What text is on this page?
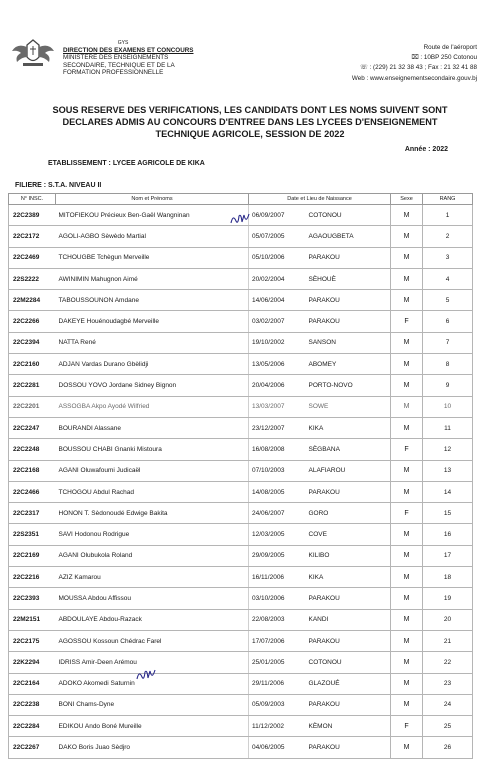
GYS
DIRECTION DES EXAMENS ET CONCOURS
MINISTERE DES ENSEIGNEMENTS
SECONDAIRE, TECHNIQUE ET DE LA
FORMATION PROFESSIONNELLE
Route de l'aéroport
⌧ : 10BP 250 Cotonou
☏ : (229) 21 32 38 43 ; Fax : 21 32 41 88
Web : www.enseignementsecondaire.gouv.bj
SOUS RESERVE DES VERIFICATIONS, LES CANDIDATS DONT LES NOMS SUIVENT SONT
DECLARES ADMIS AU CONCOURS D'ENTREE DANS LES LYCEES D'ENSEIGNEMENT
TECHNIQUE AGRICOLE, SESSION DE 2022
Année : 2022
ETABLISSEMENT : LYCEE AGRICOLE DE KIKA
FILIERE : S.T.A. NIVEAU II
N° INSC.	Nom et Prénoms	Date et Lieu de Naissance		Sexe	RANG
22C2389	MITOFIEKOU Précieux Ben-Gaël Wangninan	06/09/2007	COTONOU	M	1
22C2172	AGOLI-AGBO Sèwèdo Martial	05/07/2005	AGAOUGBETA	M	2
22C2469	TCHOUGBE Tchègun Merveille	05/10/2006	PARAKOU	M	3
22S2222	AWINIMIN Mahugnon Aimé	20/02/2004	SÈHOUÈ	M	4
22M2284	TABOUSSOUNON Amdane	14/06/2004	PARAKOU	M	5
22C2266	DAKEYE Houénoudagbé Merveille	03/02/2007	PARAKOU	F	6
22C2394	NATTA René	19/10/2002	SANSON	M	7
22C2160	ADJAN Vardas Durano Gbèlidji	13/05/2006	ABOMEY	M	8
22C2281	DOSSOU YOVO Jordane Sidney Bignon	20/04/2006	PORTO-NOVO	M	9
22C2201	ASSOGBA Akpo Ayodé Wilfried	13/03/2007	SOWE	M	10
22C2247	BOURANDI Alassane	23/12/2007	KIKA	M	11
22C2248	BOUSSOU CHABI Gnanki Mistoura	16/08/2008	SÈGBANA	F	12
22C2168	AGANI Oluwafoumi Judicaël	07/10/2003	ALAFIAROU	M	13
22C2466	TCHOGOU Abdul Rachad	14/08/2005	PARAKOU	M	14
22C2317	HONON T. Sèdonoudé Edwige Bakita	24/06/2007	GORO	F	15
22S2351	SAVI Hodonou Rodrigue	12/03/2005	COVE	M	16
22C2169	AGANI Olubukola Roland	29/09/2005	KILIBO	M	17
22C2216	AZIZ Kamarou	16/11/2006	KIKA	M	18
22C2393	MOUSSA Abdou Affissou	03/10/2006	PARAKOU	M	19
22M2151	ABDOULAYE Abdou-Razack	22/08/2003	KANDI	M	20
22C2175	AGOSSOU Kossoun Chédrac Farel	17/07/2006	PARAKOU	M	21
22K2294	IDRISS Amir-Deen Arémou	25/01/2005	COTONOU	M	22
22C2164	ADOKO Akomedi Saturnin	29/11/2006	GLAZOUÉ	M	23
22C2238	BONI Chams-Dyne	05/09/2003	PARAKOU	M	24
22C2284	EDIKOU Ando Boné Mureille	11/12/2002	KÈMON	F	25
22C2267	DAKO Boris Juao Sèdjro	04/06/2005	PARAKOU	M	26
